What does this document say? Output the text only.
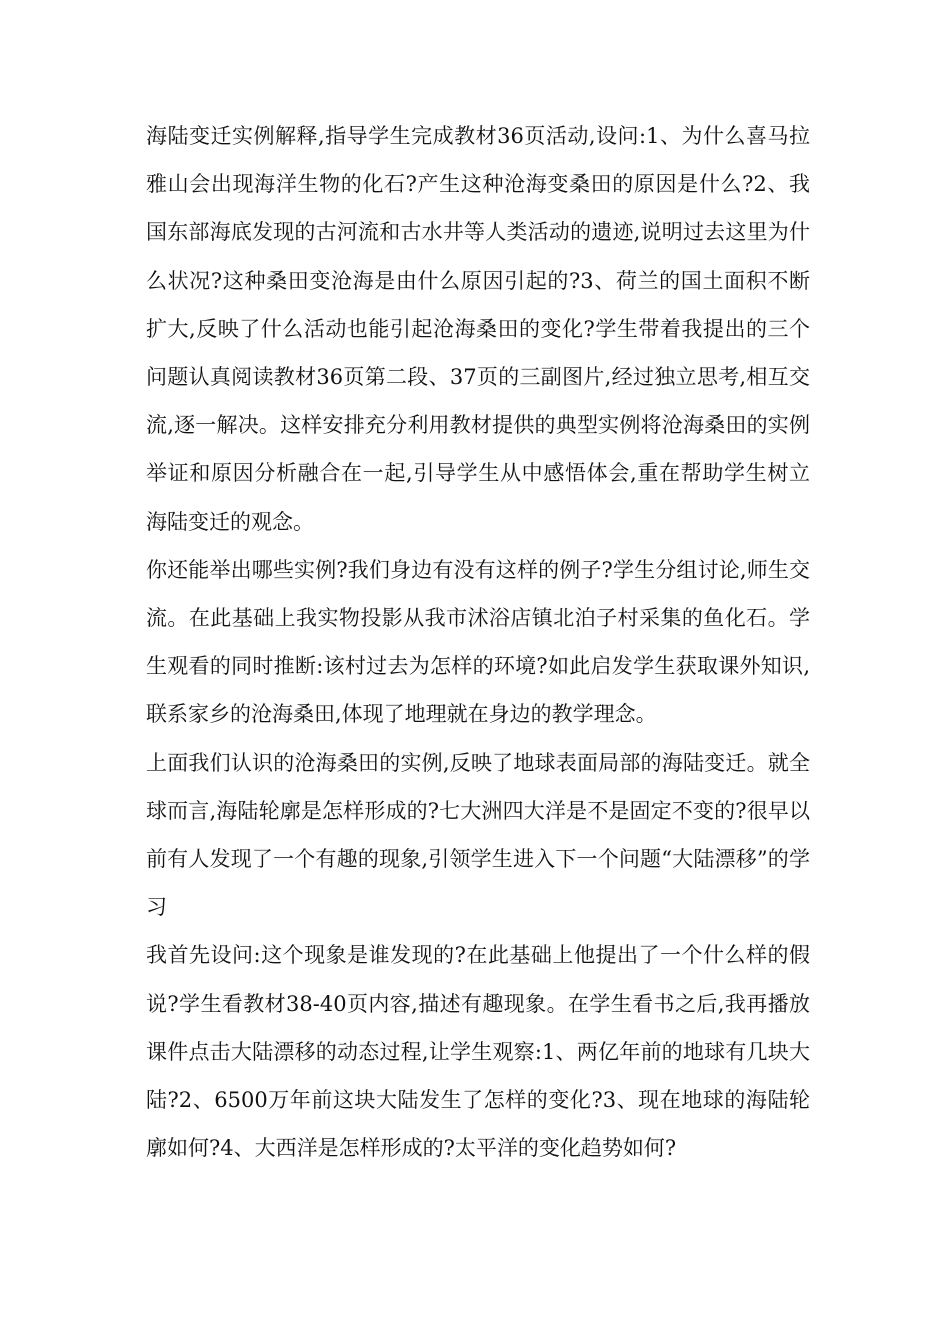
海陆变迁实例解释,指导学生完成教材36页活动,设问:1、为什么喜马拉雅山会出现海洋生物的化石?产生这种沧海变桑田的原因是什么?2、我国东部海底发现的古河流和古水井等人类活动的遗迹,说明过去这里为什么状况?这种桑田变沧海是由什么原因引起的?3、荷兰的国土面积不断扩大,反映了什么活动也能引起沧海桑田的变化?学生带着我提出的三个问题认真阅读教材36页第二段、37页的三副图片,经过独立思考,相互交流,逐一解决。这样安排充分利用教材提供的典型实例将沧海桑田的实例举证和原因分析融合在一起,引导学生从中感悟体会,重在帮助学生树立海陆变迁的观念。

你还能举出哪些实例?我们身边有没有这样的例子?学生分组讨论,师生交流。在此基础上我实物投影从我市沭浴店镇北泊子村采集的鱼化石。学生观看的同时推断:该村过去为怎样的环境?如此启发学生获取课外知识,联系家乡的沧海桑田,体现了地理就在身边的教学理念。

上面我们认识的沧海桑田的实例,反映了地球表面局部的海陆变迁。就全球而言,海陆轮廓是怎样形成的?七大洲四大洋是不是固定不变的?很早以前有人发现了一个有趣的现象,引领学生进入下一个问题“大陆漂移”的学习

我首先设问:这个现象是谁发现的?在此基础上他提出了一个什么样的假说?学生看教材38-40页内容,描述有趣现象。在学生看书之后,我再播放课件点击大陆漂移的动态过程,让学生观察:1、两亿年前的地球有几块大陆?2、6500万年前这块大陆发生了怎样的变化?3、现在地球的海陆轮廓如何?4、大西洋是怎样形成的?太平洋的变化趋势如何?
